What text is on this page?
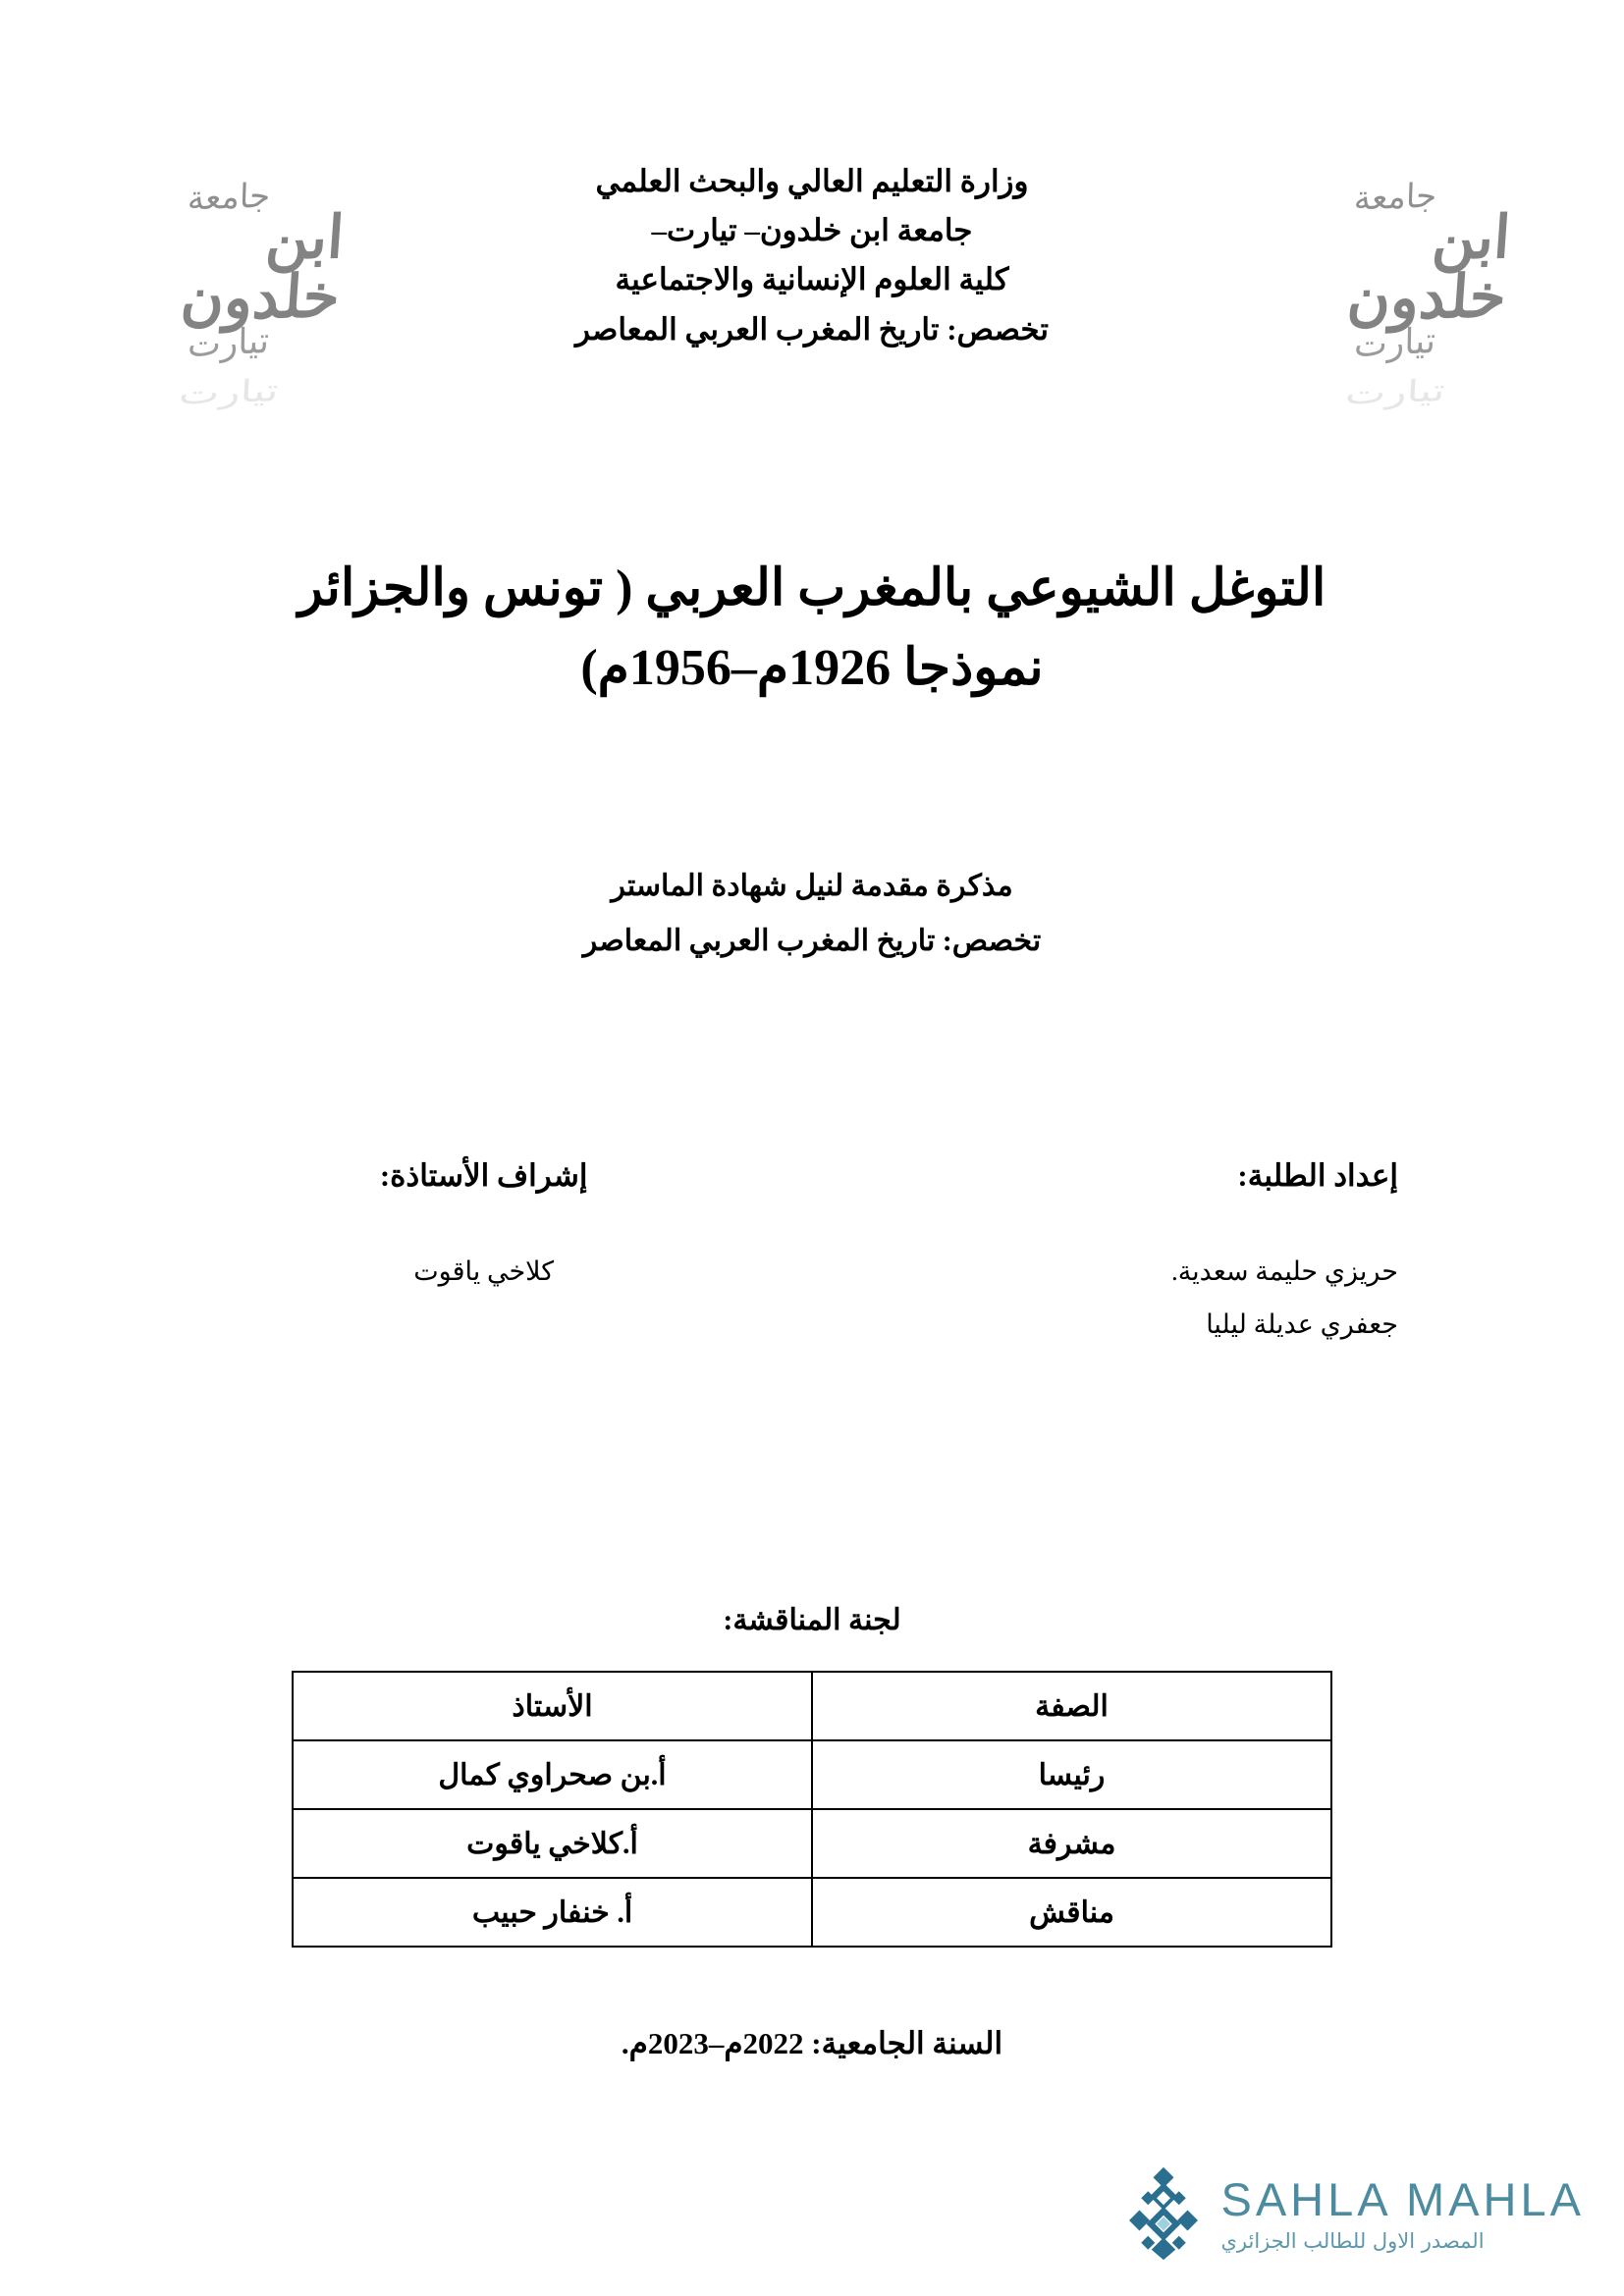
جامعة
ابن خلدون
تيارت
تيارت
جامعة
ابن خلدون
تيارت
تيارت
وزارة التعليم العالي والبحث العلمي
جامعة ابن خلدون– تيارت–
كلية العلوم الإنسانية والاجتماعية
تخصص: تاريخ المغرب العربي المعاصر
التوغل الشيوعي بالمغرب العربي ( تونس والجزائر
نموذجا 1926م–1956م)
مذكرة مقدمة لنيل شهادة الماستر
تخصص: تاريخ المغرب العربي المعاصر
إعداد الطلبة:
حريزي حليمة سعدية.
جعفري عديلة ليليا
إشراف الأستاذة:
كلاخي ياقوت
لجنة المناقشة:
الصفة	الأستاذ
رئيسا	أ.بن صحراوي كمال
مشرفة	أ.كلاخي ياقوت
مناقش	أ. خنفار حبيب
السنة الجامعية: 2022م–2023م.
SAHLA MAHLA
المصدر الاول للطالب الجزائري
